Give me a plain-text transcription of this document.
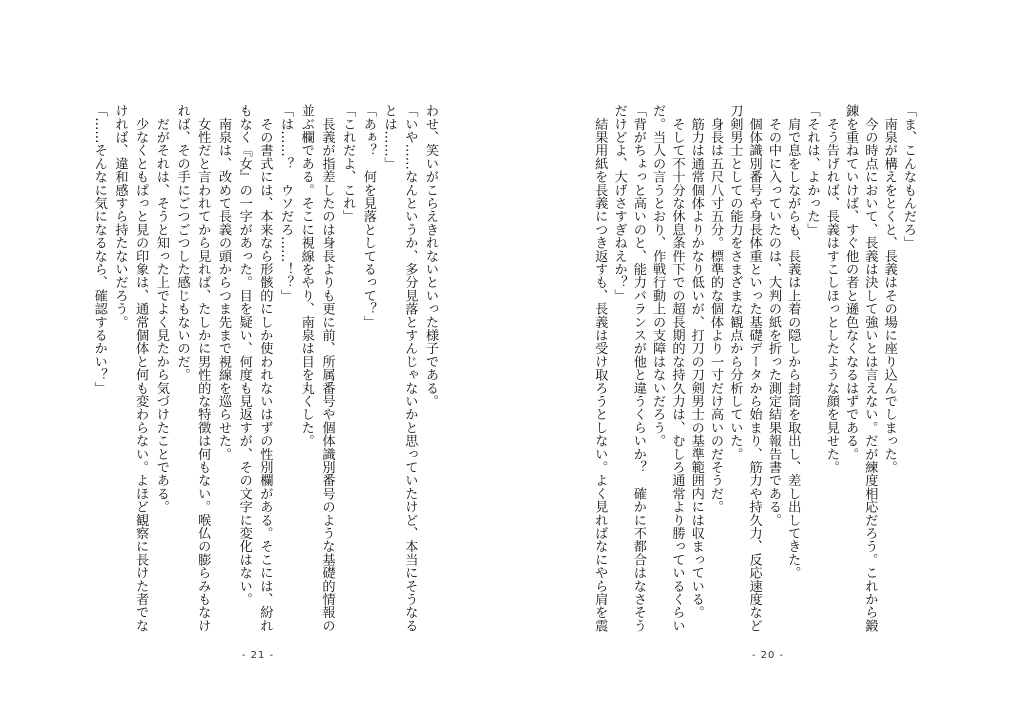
「ま、こんなもんだろ」
　南泉が構えをとくと、長義はその場に座り込んでしまった。
　今の時点において、長義は決して強いとは言えない。だが練度相応だろう。これから鍛
錬を重ねていけば、すぐ他の者と遜色なくなるはずである。
　そう告げれば、長義はすこしほっとしたような顔を見せた。
「それは、よかった」
　肩で息をしながらも、長義は上着の隠しから封筒を取出し、差し出してきた。
　その中に入っていたのは、大判の紙を折った測定結果報告書である。
　個体識別番号や身長体重といった基礎データから始まり、筋力や持久力、反応速度など
刀剣男士としての能力をさまざまな観点から分析していた。
　身長は五尺八寸五分。標準的な個体より一寸だけ高いのだそうだ。
　筋力は通常個体よりかなり低いが、打刀の刀剣男士の基準範囲内には収まっている。
　そして不十分な休息条件下での超長期的な持久力は、むしろ通常より勝っているくらい
だ。当人の言うとおり、作戦行動上の支障はないだろう。
「背がちょっと高いのと、能力バランスが他と違うくらいか？　確かに不都合はなさそう
だけどよ、大げさすぎねえか？」
　結果用紙を長義につき返すも、長義は受け取ろうとしない。よく見ればなにやら肩を震
- 20 -
わせ、笑いがこらえきれないといった様子である。
「いや……なんというか、多分見落とすんじゃないかと思っていたけど、本当にそうなる
とは……」
「あぁ？　何を見落としてるって？」
「これだよ、これ」
　長義が指差したのは身長よりも更に前、所属番号や個体識別番号のような基礎的情報の
並ぶ欄である。そこに視線をやり、南泉は目を丸くした。
「は……？　ウソだろ……！？」
　その書式には、本来なら形骸的にしか使われないはずの性別欄がある。そこには、紛れ
もなく『女』の一字があった。目を疑い、何度も見返すが、その文字に変化はない。
　南泉は、改めて長義の頭からつま先まで視線を巡らせた。
　女性だと言われてから見れば、たしかに男性的な特徴は何もない。喉仏の膨らみもなけ
れば、その手にごつごつした感じもないのだ。
　だがそれは、そうと知った上でよく見たから気づけたことである。
　少なくともぱっと見の印象は、通常個体と何も変わらない。よほど観察に長けた者でな
ければ、違和感すら持たないだろう。
「……そんなに気になるなら、確認するかい？」
- 21 -
